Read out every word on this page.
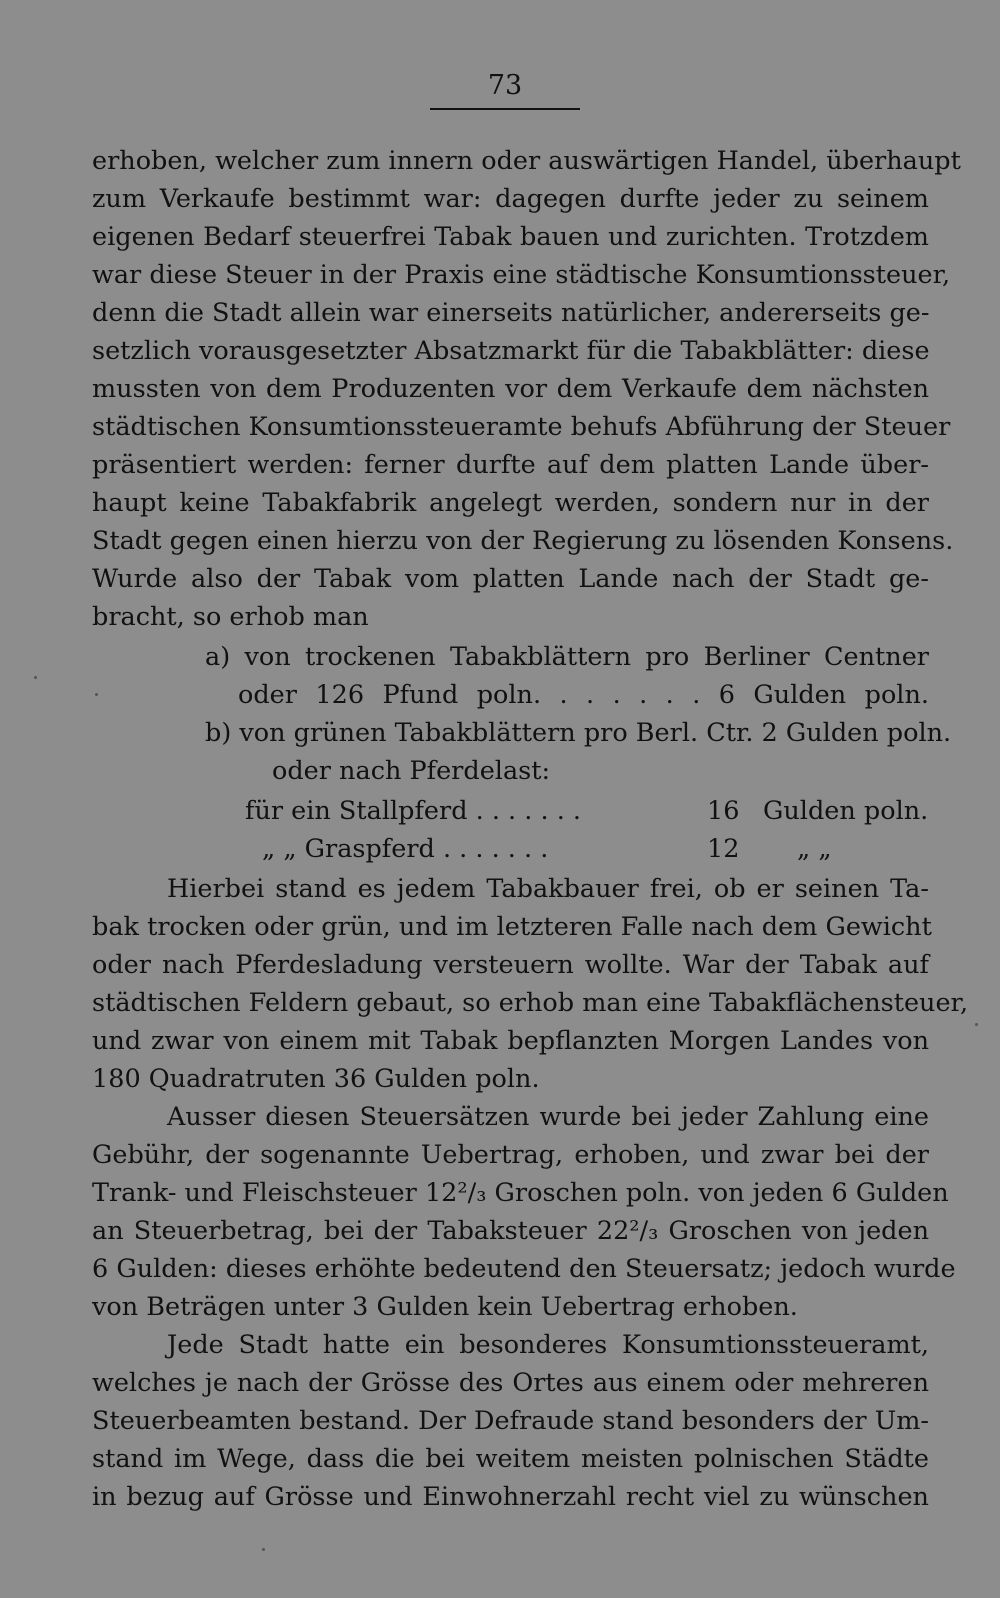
73
erhoben, welcher zum innern oder auswärtigen Handel, überhaupt
zum Verkaufe bestimmt war: dagegen durfte jeder zu seinem
eigenen Bedarf steuerfrei Tabak bauen und zurichten. Trotzdem
war diese Steuer in der Praxis eine städtische Konsumtionssteuer,
denn die Stadt allein war einerseits natürlicher, andererseits ge-
setzlich vorausgesetzter Absatzmarkt für die Tabakblätter: diese
mussten von dem Produzenten vor dem Verkaufe dem nächsten
städtischen Konsumtionssteueramte behufs Abführung der Steuer
präsentiert werden: ferner durfte auf dem platten Lande über-
haupt keine Tabakfabrik angelegt werden, sondern nur in der
Stadt gegen einen hierzu von der Regierung zu lösenden Konsens.
Wurde also der Tabak vom platten Lande nach der Stadt ge-
bracht, so erhob man
a) von trockenen Tabakblättern pro Berliner Centner
oder 126 Pfund poln. . . . . . . 6 Gulden poln.
b) von grünen Tabakblättern pro Berl. Ctr. 2 Gulden poln.
oder nach Pferdelast:
für ein Stallpferd . . . . . . .	16 Gulden poln.
„ „ Graspferd . . . . . . .	12 „ „
Hierbei stand es jedem Tabakbauer frei, ob er seinen Ta-
bak trocken oder grün, und im letzteren Falle nach dem Gewicht
oder nach Pferdesladung versteuern wollte. War der Tabak auf
städtischen Feldern gebaut, so erhob man eine Tabakflächensteuer,
und zwar von einem mit Tabak bepflanzten Morgen Landes von
180 Quadratruten 36 Gulden poln.
Ausser diesen Steuersätzen wurde bei jeder Zahlung eine
Gebühr, der sogenannte Uebertrag, erhoben, und zwar bei der
Trank- und Fleischsteuer 12²/₃ Groschen poln. von jeden 6 Gulden
an Steuerbetrag, bei der Tabaksteuer 22²/₃ Groschen von jeden
6 Gulden: dieses erhöhte bedeutend den Steuersatz; jedoch wurde
von Beträgen unter 3 Gulden kein Uebertrag erhoben.
Jede Stadt hatte ein besonderes Konsumtionssteueramt,
welches je nach der Grösse des Ortes aus einem oder mehreren
Steuerbeamten bestand. Der Defraude stand besonders der Um-
stand im Wege, dass die bei weitem meisten polnischen Städte
in bezug auf Grösse und Einwohnerzahl recht viel zu wünschen
